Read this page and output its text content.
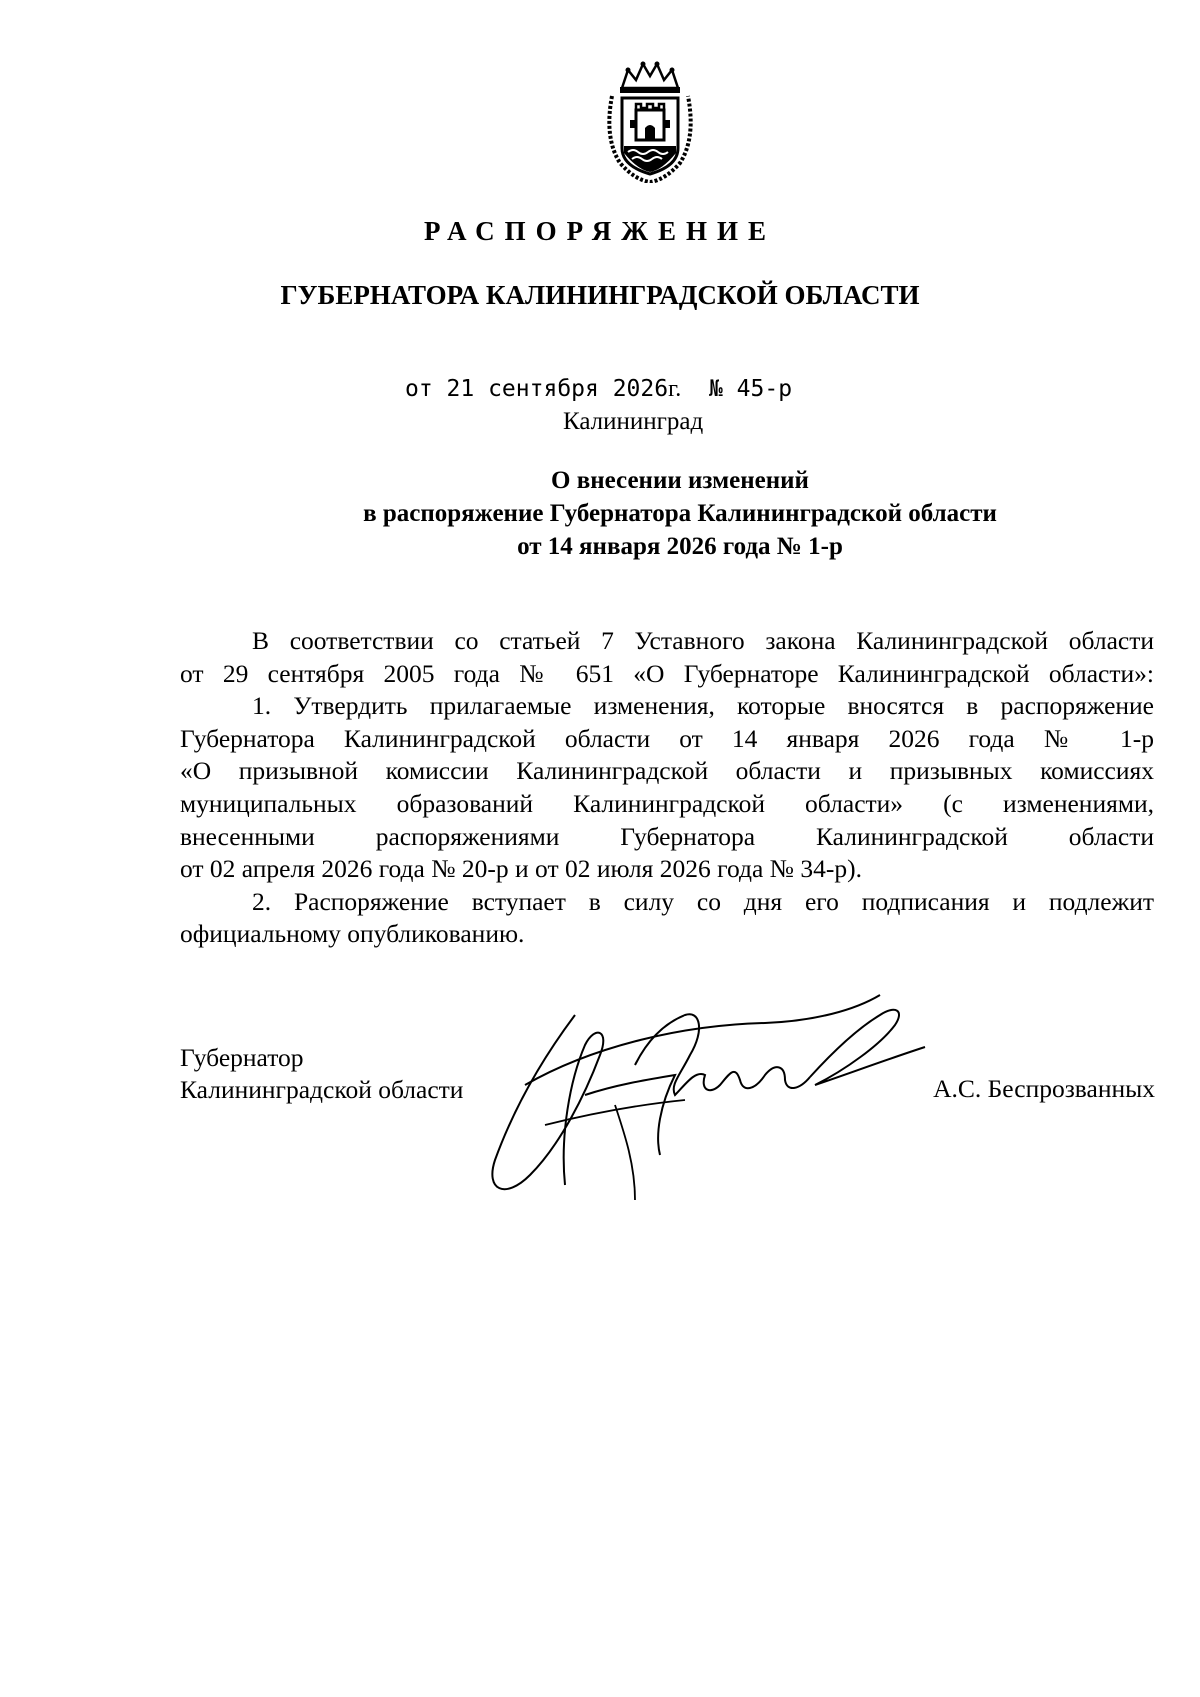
РАСПОРЯЖЕНИЕ
ГУБЕРНАТОРА КАЛИНИНГРАДСКОЙ ОБЛАСТИ
от 21 сентября 2026г. № 45-р
Калининград
О внесении изменений
в распоряжение Губернатора Калининградской области
от 14 января 2026 года № 1-р
В соответствии со статьей 7 Уставного закона Калининградской области
от 29 сентября 2005 года № 651 «О Губернаторе Калининградской области»:
1. Утвердить прилагаемые изменения, которые вносятся в распоряжение
Губернатора Калининградской области от 14 января 2026 года № 1-р
«О призывной комиссии Калининградской области и призывных комиссиях
муниципальных образований Калининградской области» (с изменениями,
внесенными распоряжениями Губернатора Калининградской области
от 02 апреля 2026 года № 20-р и от 02 июля 2026 года № 34-р).
2. Распоряжение вступает в силу со дня его подписания и подлежит
официальному опубликованию.
Губернатор
Калининградской области	А.С. Беспрозванных
